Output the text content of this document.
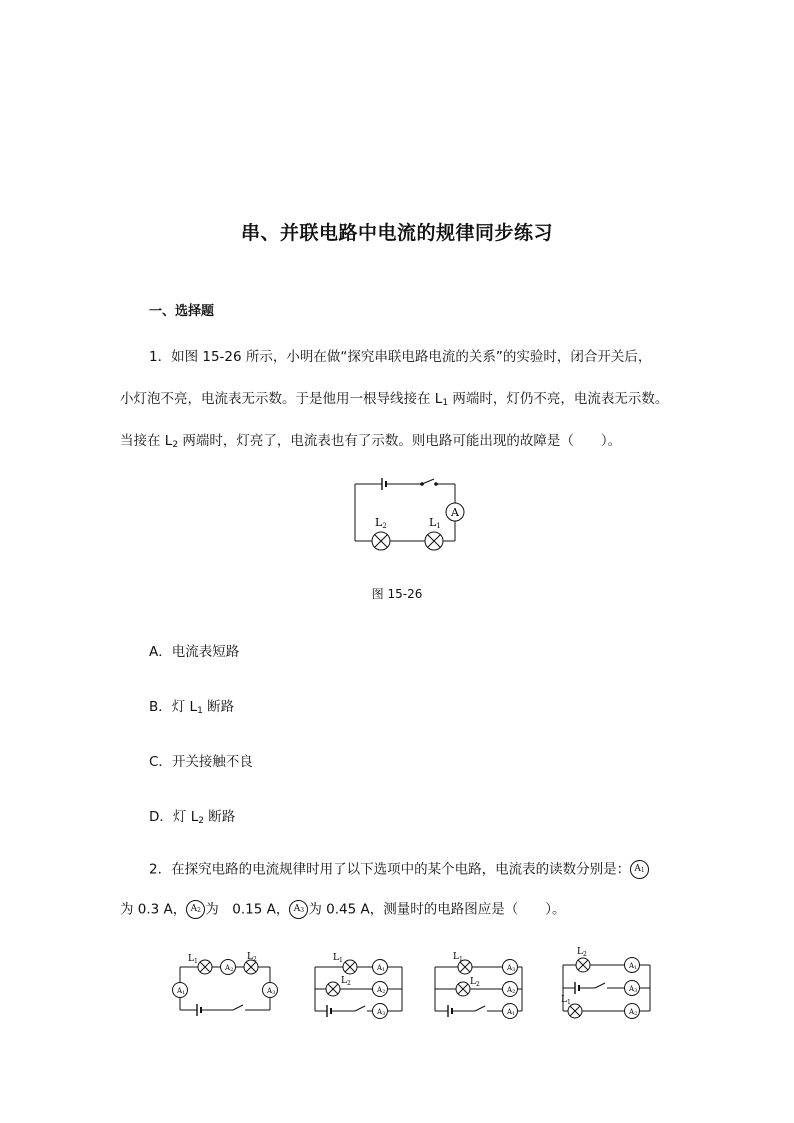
串、并联电路中电流的规律同步练习
一、选择题
1．如图 15-26 所示，小明在做“探究串联电路电流的关系”的实验时，闭合开关后，
小灯泡不亮，电流表无示数。于是他用一根导线接在 $L_1$ 两端时，灯仍不亮，电流表无示数。
当接在 $L_2$ 两端时，灯亮了，电流表也有了示数。则电路可能出现的故障是（　　）。
A
L1
L2
图 15-26
A．电流表短路
B．灯 $L_1$ 断路
C．开关接触不良
D．灯 $L_2$ 断路
2．在探究电路的电流规律时用了以下选项中的某个电路，电流表的读数分别是： $A_1$
为 0.3 A， $A_2$ 为　0.15 A， $A_3$ 为 0.45 A，测量时的电路图应是（　　）。
$L_1$	$L_2$
A2
A1	A3
$L_1$
$L_2$
A1
A2
A3
$L_1$
$L_2$
A3
A2
A1
$L_2$
$L_1$
A1
A3
A2
